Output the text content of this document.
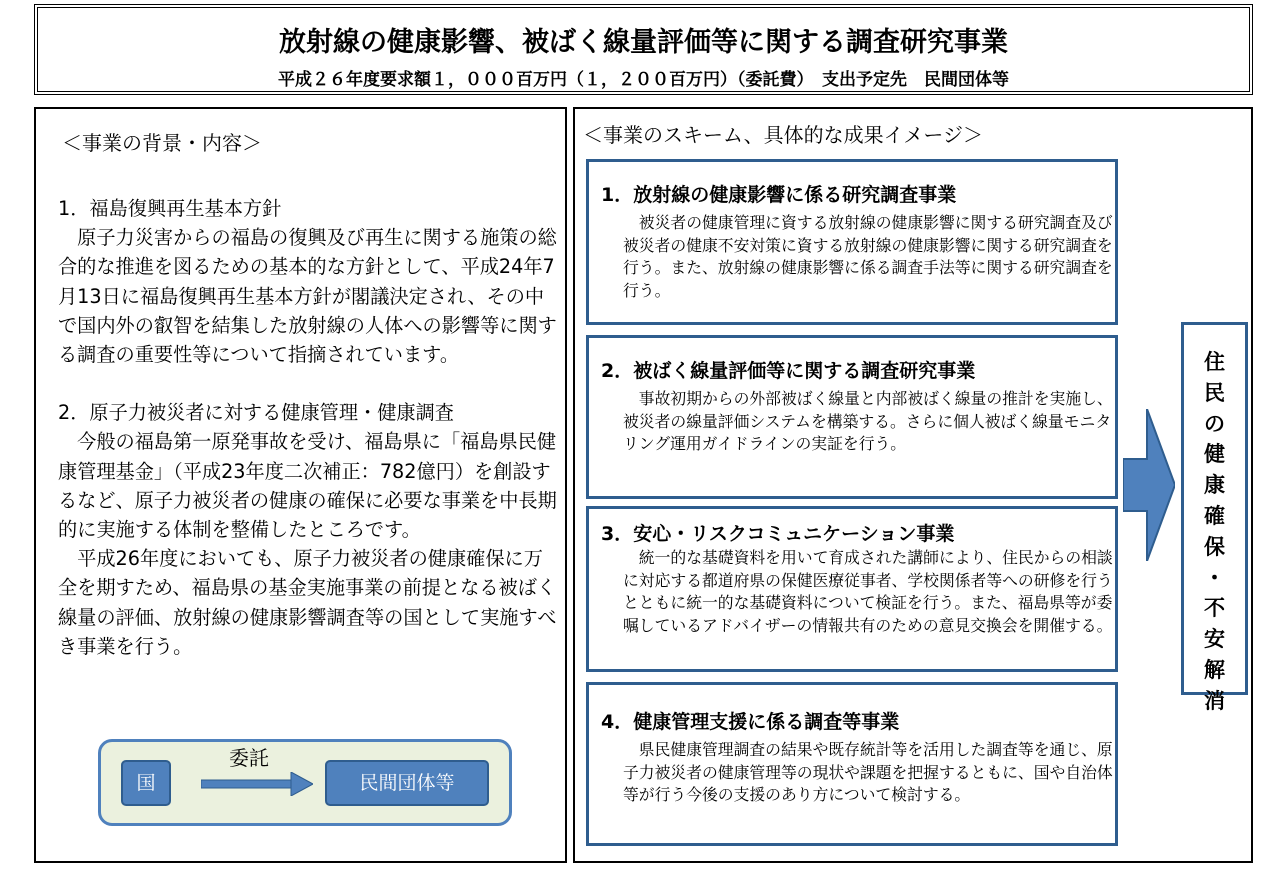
放射線の健康影響、被ばく線量評価等に関する調査研究事業
平成２６年度要求額１，０００百万円（１，２００百万円）（委託費）　支出予定先　民間団体等
＜事業の背景・内容＞

1．福島復興再生基本方針

　原子力災害からの福島の復興及び再生に関する施策の総合的な推進を図るための基本的な方針として、平成24年7月13日に福島復興再生基本方針が閣議決定され、その中で国内外の叡智を結集した放射線の人体への影響等に関する調査の重要性等について指摘されています。

2．原子力被災者に対する健康管理・健康調査

　今般の福島第一原発事故を受け、福島県に「福島県民健康管理基金」（平成23年度二次補正：782億円）を創設するなど、原子力被災者の健康の確保に必要な事業を中長期的に実施する体制を整備したところです。

　平成26年度においても、原子力被災者の健康確保に万全を期すため、福島県の基金実施事業の前提となる被ばく線量の評価、放射線の健康影響調査等の国として実施すべき事業を行う。

国
委託
民間団体等
＜事業のスキーム、具体的な成果イメージ＞
1．放射線の健康影響に係る研究調査事業

被災者の健康管理に資する放射線の健康影響に関する研究調査及び被災者の健康不安対策に資する放射線の健康影響に関する研究調査を行う。また、放射線の健康影響に係る調査手法等に関する研究調査を行う。

2．被ばく線量評価等に関する調査研究事業

事故初期からの外部被ばく線量と内部被ばく線量の推計を実施し、被災者の線量評価システムを構築する。さらに個人被ばく線量モニタリング運用ガイドラインの実証を行う。

3．安心・リスクコミュニケーション事業

統一的な基礎資料を用いて育成された講師により、住民からの相談に対応する都道府県の保健医療従事者、学校関係者等への研修を行うとともに統一的な基礎資料について検証を行う。また、福島県等が委嘱しているアドバイザーの情報共有のための意見交換会を開催する。

4．健康管理支援に係る調査等事業

県民健康管理調査の結果や既存統計等を活用した調査等を通じ、原子力被災者の健康管理等の現状や課題を把握するともに、国や自治体等が行う今後の支援のあり方について検討する。

住
民
の
健
康
確
保
・
不
安
解
消
